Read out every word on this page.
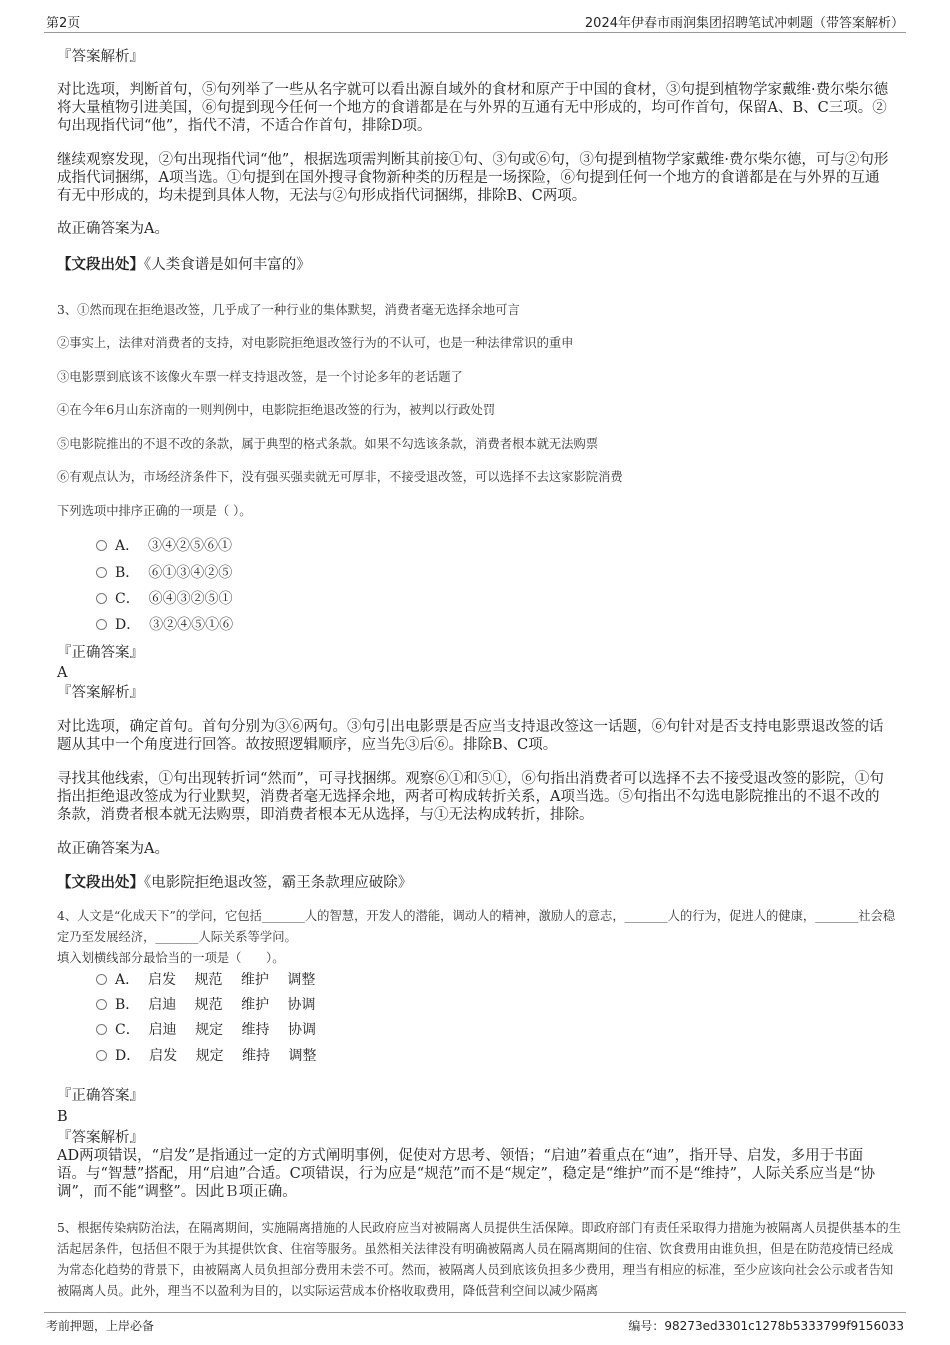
第2页	2024年伊春市雨润集团招聘笔试冲刺题（带答案解析）
『答案解析』

对比选项，判断首句，⑤句列举了一些从名字就可以看出源自域外的食材和原产于中国的食材，③句提到植物学家戴维·费尔柴尔德将大量植物引进美国，⑥句提到现今任何一个地方的食谱都是在与外界的互通有无中形成的，均可作首句，保留A、B、C三项。②句出现指代词“他”，指代不清，不适合作首句，排除D项。

继续观察发现，②句出现指代词“他”，根据选项需判断其前接①句、③句或⑥句，③句提到植物学家戴维·费尔柴尔德，可与②句形成指代词捆绑，A项当选。①句提到在国外搜寻食物新种类的历程是一场探险，⑥句提到任何一个地方的食谱都是在与外界的互通有无中形成的，均未提到具体人物，无法与②句形成指代词捆绑，排除B、C两项。

故正确答案为A。
【文段出处】《人类食谱是如何丰富的》
3、①然而现在拒绝退改签，几乎成了一种行业的集体默契，消费者毫无选择余地可言
②事实上，法律对消费者的支持，对电影院拒绝退改签行为的不认可，也是一种法律常识的重申
③电影票到底该不该像火车票一样支持退改签，是一个讨论多年的老话题了
④在今年6月山东济南的一则判例中，电影院拒绝退改签的行为，被判以行政处罚
⑤电影院推出的不退不改的条款，属于典型的格式条款。如果不勾选该条款，消费者根本就无法购票
⑥有观点认为，市场经济条件下，没有强买强卖就无可厚非，不接受退改签，可以选择不去这家影院消费
下列选项中排序正确的一项是（ ）。
A． ③④②⑤⑥①
B． ⑥①③④②⑤
C． ⑥④③②⑤①
D． ③②④⑤①⑥
『正确答案』
A
『答案解析』

对比选项，确定首句。首句分别为③⑥两句。③句引出电影票是否应当支持退改签这一话题，⑥句针对是否支持电影票退改签的话题从其中一个角度进行回答。故按照逻辑顺序，应当先③后⑥。排除B、C项。

寻找其他线索，①句出现转折词“然而”，可寻找捆绑。观察⑥①和⑤①，⑥句指出消费者可以选择不去不接受退改签的影院，①句指出拒绝退改签成为行业默契，消费者毫无选择余地，两者可构成转折关系，A项当选。⑤句指出不勾选电影院推出的不退不改的条款，消费者根本就无法购票，即消费者根本无从选择，与①无法构成转折，排除。

故正确答案为A。
【文段出处】《电影院拒绝退改签，霸王条款理应破除》
4、人文是“化成天下”的学问，它包括_______人的智慧，开发人的潜能，调动人的精神，激励人的意志，_______人的行为，促进人的健康，_______社会稳定乃至发展经济，_______人际关系等学问。
填入划横线部分最恰当的一项是（　　）。
A． 启发　 规范　 维护　 调整
B． 启迪　 规范　 维护　 协调
C． 启迪　 规定　 维持　 协调
D． 启发　 规定　 维持　 调整
『正确答案』
B
『答案解析』

AD两项错误，“启发”是指通过一定的方式阐明事例，促使对方思考、领悟；“启迪”着重点在“迪”，指开导、启发，多用于书面语。与“智慧”搭配，用“启迪”合适。C项错误，行为应是“规范”而不是“规定”，稳定是“维护”而不是“维持”，人际关系应当是“协调”，而不能“调整”。因此Ｂ项正确。

5、根据传染病防治法，在隔离期间，实施隔离措施的人民政府应当对被隔离人员提供生活保障。即政府部门有责任采取得力措施为被隔离人员提供基本的生活起居条件，包括但不限于为其提供饮食、住宿等服务。虽然相关法律没有明确被隔离人员在隔离期间的住宿、饮食费用由谁负担，但是在防范疫情已经成为常态化趋势的背景下，由被隔离人员负担部分费用未尝不可。然而，被隔离人员到底该负担多少费用，理当有相应的标准，至少应该向社会公示或者告知被隔离人员。此外，理当不以盈利为目的，以实际运营成本价格收取费用，降低营利空间以减少隔离
考前押题，上岸必备	编号：98273ed3301c1278b5333799f9156033
